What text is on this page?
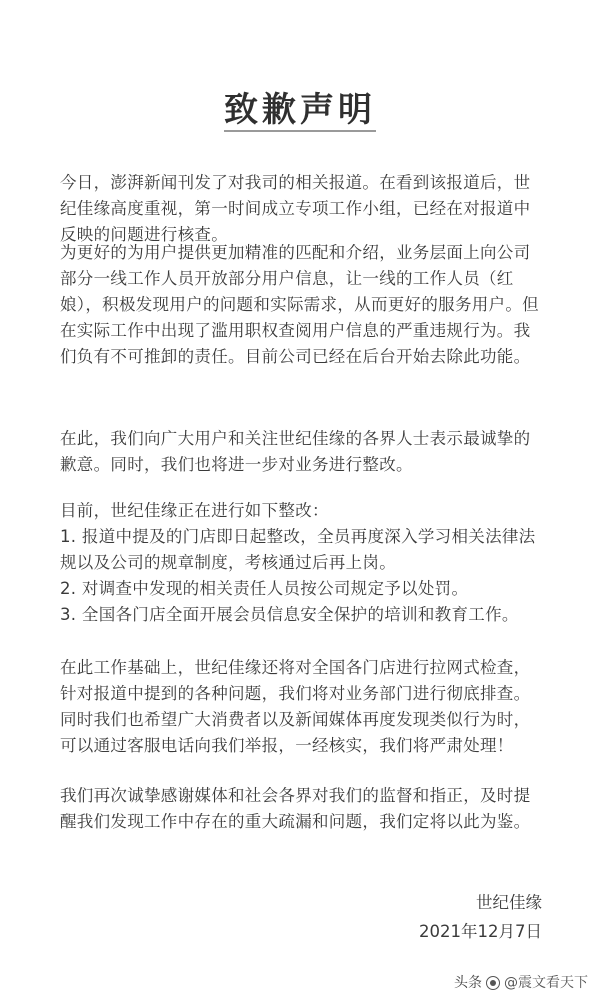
致歉声明

今日，澎湃新闻刊发了对我司的相关报道。在看到该报道后，世纪佳缘高度重视，第一时间成立专项工作小组，已经在对报道中反映的问题进行核查。

为更好的为用户提供更加精准的匹配和介绍，业务层面上向公司部分一线工作人员开放部分用户信息，让一线的工作人员（红娘），积极发现用户的问题和实际需求，从而更好的服务用户。但在实际工作中出现了滥用职权查阅用户信息的严重违规行为。我们负有不可推卸的责任。目前公司已经在后台开始去除此功能。

在此，我们向广大用户和关注世纪佳缘的各界人士表示最诚挚的歉意。同时，我们也将进一步对业务进行整改。

目前，世纪佳缘正在进行如下整改：
1. 报道中提及的门店即日起整改，全员再度深入学习相关法律法规以及公司的规章制度，考核通过后再上岗。
2. 对调查中发现的相关责任人员按公司规定予以处罚。
3. 全国各门店全面开展会员信息安全保护的培训和教育工作。

在此工作基础上，世纪佳缘还将对全国各门店进行拉网式检查，针对报道中提到的各种问题，我们将对业务部门进行彻底排查。同时我们也希望广大消费者以及新闻媒体再度发现类似行为时，可以通过客服电话向我们举报，一经核实，我们将严肃处理！

我们再次诚挚感谢媒体和社会各界对我们的监督和指正，及时提醒我们发现工作中存在的重大疏漏和问题，我们定将以此为鉴。

世纪佳缘
2021年12月7日
头条 @震文看天下
